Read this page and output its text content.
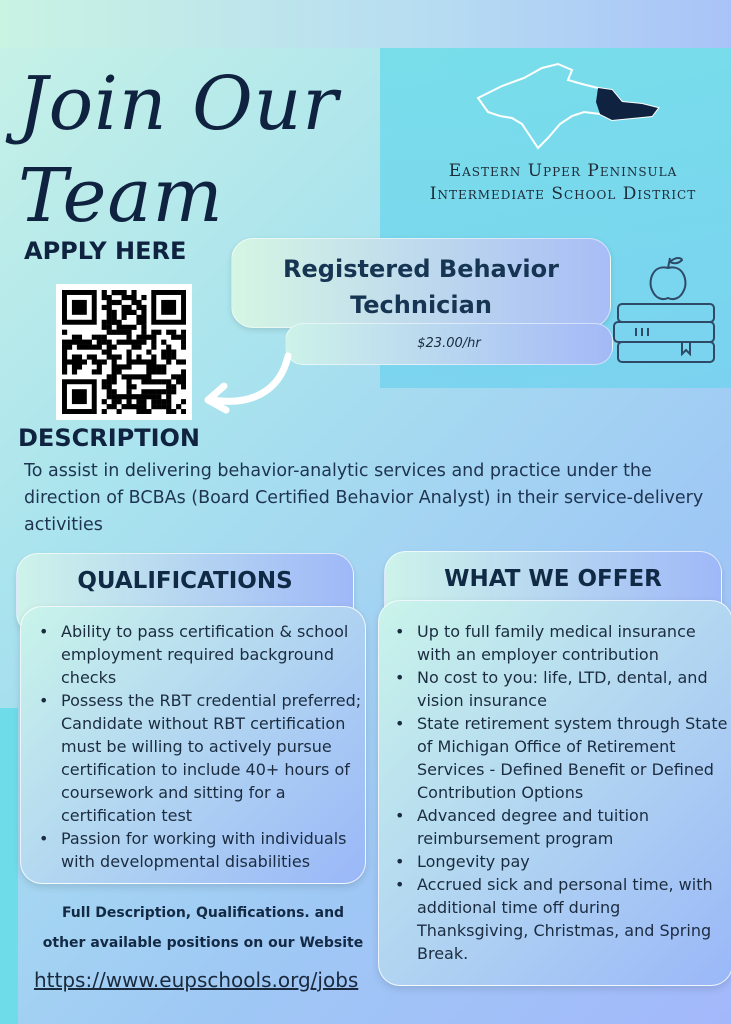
Join Our
Team	Eastern Upper Peninsula
Intermediate School District
APPLY HERE
Registered Behavior
Technician
$23.00/hr
DESCRIPTION
To assist in delivering behavior-analytic services and practice under the direction of BCBAs (Board Certified Behavior Analyst) in their service-delivery activities
QUALIFICATIONS
• Ability to pass certification & school employment required background checks
• Possess the RBT credential preferred; Candidate without RBT certification must be willing to actively pursue certification to include 40+ hours of coursework and sitting for a certification test
• Passion for working with individuals with developmental disabilities
WHAT WE OFFER
• Up to full family medical insurance with an employer contribution
• No cost to you: life, LTD, dental, and vision insurance
• State retirement system through State of Michigan Office of Retirement Services - Defined Benefit or Defined Contribution Options
• Advanced degree and tuition reimbursement program
• Longevity pay
• Accrued sick and personal time, with additional time off during Thanksgiving, Christmas, and Spring Break.
Full Description, Qualifications. and
other available positions on our Website
https://www.eupschools.org/jobs
